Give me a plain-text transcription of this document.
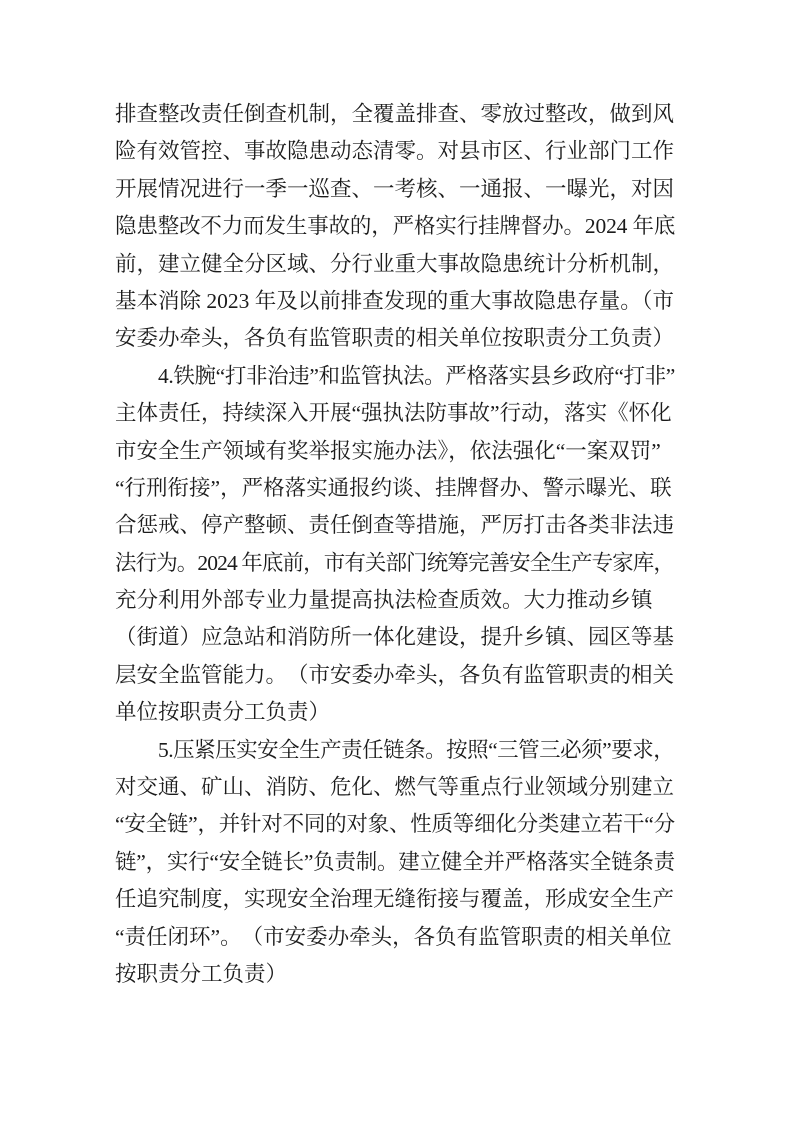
排查整改责任倒查机制，全覆盖排查、零放过整改，做到风
险有效管控、事故隐患动态清零。对县市区、行业部门工作
开展情况进行一季一巡查、一考核、一通报、一曝光，对因
隐患整改不力而发生事故的，严格实行挂牌督办。2024 年底
前，建立健全分区域、分行业重大事故隐患统计分析机制，
基本消除 2023 年及以前排查发现的重大事故隐患存量。（市
安委办牵头，各负有监管职责的相关单位按职责分工负责）
4.铁腕“打非治违”和监管执法。严格落实县乡政府“打非”
主体责任，持续深入开展“强执法防事故”行动，落实《怀化
市安全生产领域有奖举报实施办法》，依法强化“一案双罚”
“行刑衔接”，严格落实通报约谈、挂牌督办、警示曝光、联
合惩戒、停产整顿、责任倒查等措施，严厉打击各类非法违
法行为。2024 年底前，市有关部门统筹完善安全生产专家库，
充分利用外部专业力量提高执法检查质效。大力推动乡镇
（街道）应急站和消防所一体化建设，提升乡镇、园区等基
层安全监管能力。　（市安委办牵头，各负有监管职责的相关
单位按职责分工负责）
5.压紧压实安全生产责任链条。按照“三管三必须”要求，
对交通、矿山、消防、危化、燃气等重点行业领域分别建立
“安全链”，并针对不同的对象、性质等细化分类建立若干“分
链”，实行“安全链长”负责制。建立健全并严格落实全链条责
任追究制度，实现安全治理无缝衔接与覆盖，形成安全生产
“责任闭环”。　（市安委办牵头，各负有监管职责的相关单位
按职责分工负责）
